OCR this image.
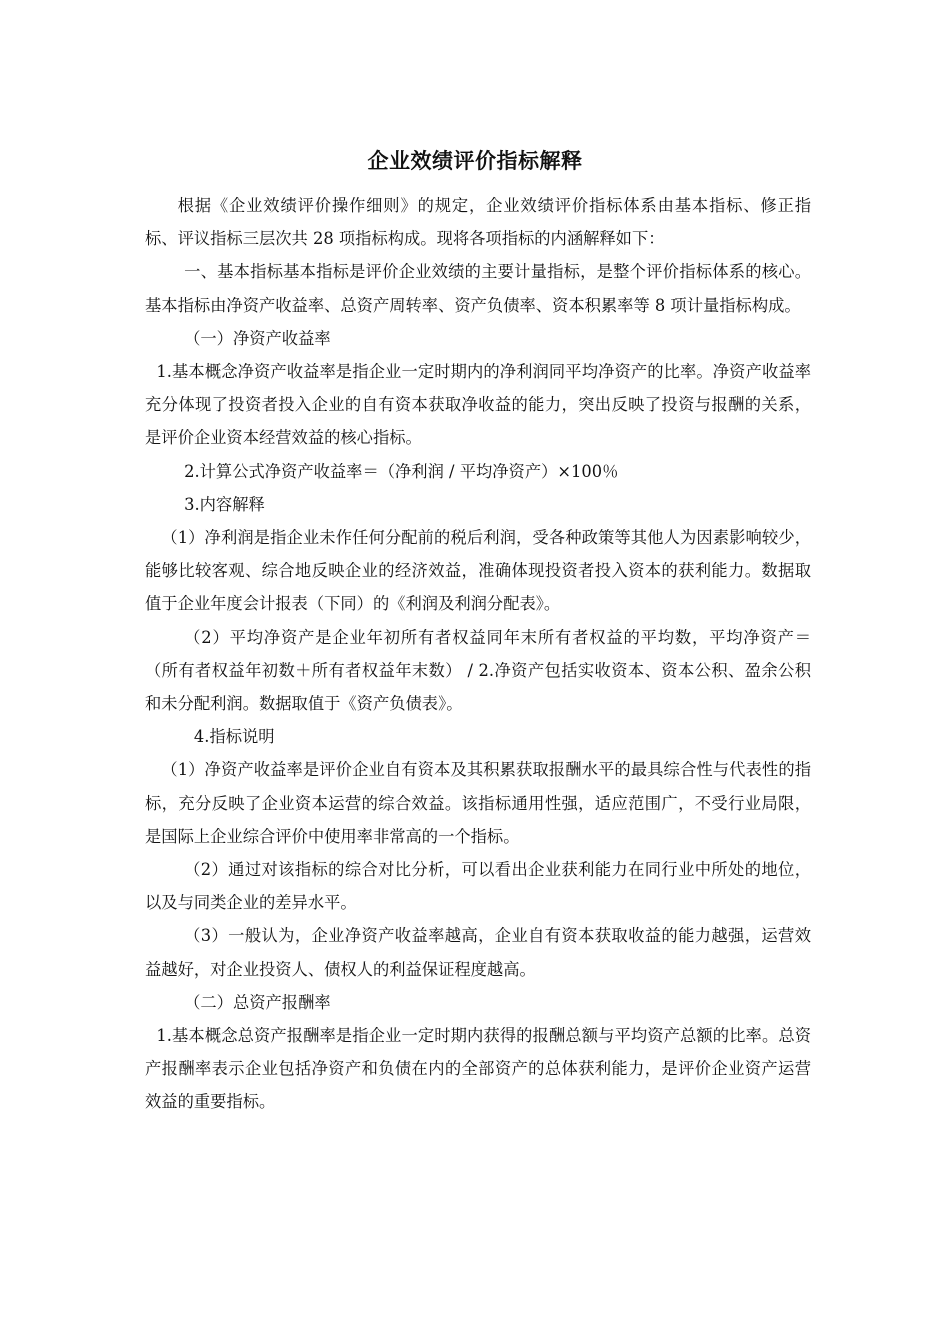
企业效绩评价指标解释

根据《企业效绩评价操作细则》的规定，企业效绩评价指标体系由基本指标、修正指标、评议指标三层次共 28 项指标构成。现将各项指标的内涵解释如下：

一、基本指标基本指标是评价企业效绩的主要计量指标，是整个评价指标体系的核心。基本指标由净资产收益率、总资产周转率、资产负债率、资本积累率等 8 项计量指标构成。

（一）净资产收益率

1.基本概念净资产收益率是指企业一定时期内的净利润同平均净资产的比率。净资产收益率充分体现了投资者投入企业的自有资本获取净收益的能力，突出反映了投资与报酬的关系，是评价企业资本经营效益的核心指标。

2.计算公式净资产收益率＝（净利润 / 平均净资产）×100％

3.内容解释

（1）净利润是指企业未作任何分配前的税后利润，受各种政策等其他人为因素影响较少，能够比较客观、综合地反映企业的经济效益，准确体现投资者投入资本的获利能力。数据取值于企业年度会计报表（下同）的《利润及利润分配表》。

（2）平均净资产是企业年初所有者权益同年末所有者权益的平均数，平均净资产＝（所有者权益年初数＋所有者权益年末数） / 2.净资产包括实收资本、资本公积、盈余公积和未分配利润。数据取值于《资产负债表》。

4.指标说明

（1）净资产收益率是评价企业自有资本及其积累获取报酬水平的最具综合性与代表性的指标，充分反映了企业资本运营的综合效益。该指标通用性强，适应范围广，不受行业局限，是国际上企业综合评价中使用率非常高的一个指标。

（2）通过对该指标的综合对比分析，可以看出企业获利能力在同行业中所处的地位，以及与同类企业的差异水平。

（3）一般认为，企业净资产收益率越高，企业自有资本获取收益的能力越强，运营效益越好，对企业投资人、债权人的利益保证程度越高。

（二）总资产报酬率

1.基本概念总资产报酬率是指企业一定时期内获得的报酬总额与平均资产总额的比率。总资产报酬率表示企业包括净资产和负债在内的全部资产的总体获利能力，是评价企业资产运营效益的重要指标。
